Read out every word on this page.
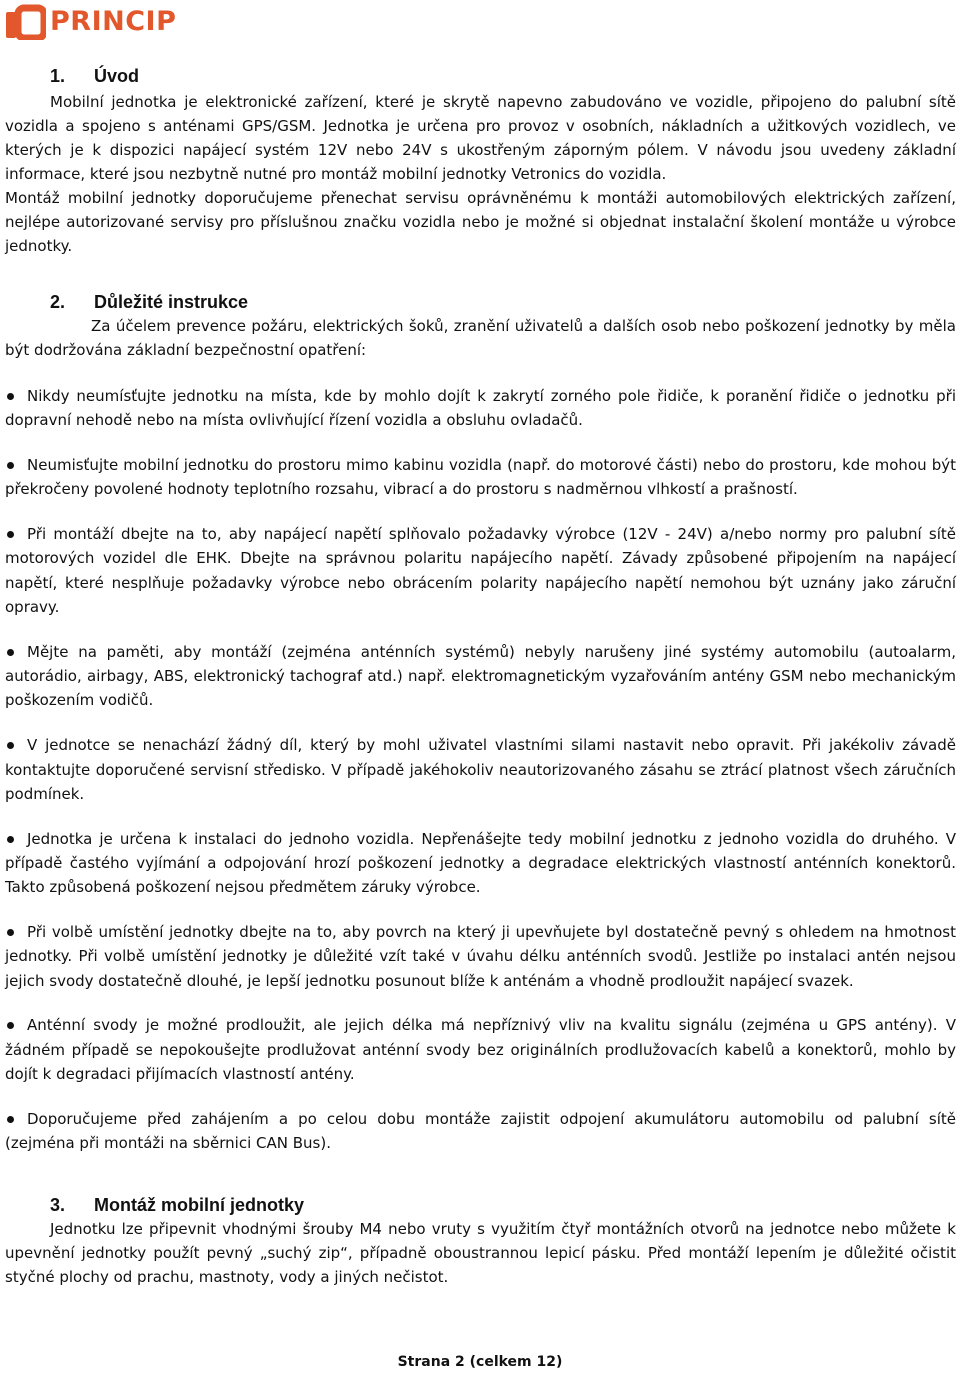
PRINCIP
1. Úvod

Mobilní jednotka je elektronické zařízení, které je skrytě napevno zabudováno ve vozidle, připojeno do palubní sítě vozidla a spojeno s anténami GPS/GSM. Jednotka je určena pro provoz v osobních, nákladních a užitkových vozidlech, ve kterých je k dispozici napájecí systém 12V nebo 24V s ukostřeným záporným pólem. V návodu jsou uvedeny základní informace, které jsou nezbytně nutné pro montáž mobilní jednotky Vetronics do vozidla.

Montáž mobilní jednotky doporučujeme přenechat servisu oprávněnému k montáži automobilových elektrických zařízení, nejlépe autorizované servisy pro příslušnou značku vozidla nebo je možné si objednat instalační školení montáže u výrobce jednotky.

2. Důležité instrukce

Za účelem prevence požáru, elektrických šoků, zranění uživatelů a dalších osob nebo poškození jednotky by měla být dodržována základní bezpečnostní opatření:

Nikdy neumísťujte jednotku na místa, kde by mohlo dojít k zakrytí zorného pole řidiče, k poranění řidiče o jednotku při dopravní nehodě nebo na místa ovlivňující řízení vozidla a obsluhu ovladačů.
Neumisťujte mobilní jednotku do prostoru mimo kabinu vozidla (např. do motorové části) nebo do prostoru, kde mohou být překročeny povolené hodnoty teplotního rozsahu, vibrací a do prostoru s nadměrnou vlhkostí a prašností.
Při montáží dbejte na to, aby napájecí napětí splňovalo požadavky výrobce (12V - 24V) a/nebo normy pro palubní sítě motorových vozidel dle EHK. Dbejte na správnou polaritu napájecího napětí. Závady způsobené připojením na napájecí napětí, které nesplňuje požadavky výrobce nebo obrácením polarity napájecího napětí nemohou být uznány jako záruční opravy.
Mějte na paměti, aby montáží (zejména anténních systémů) nebyly narušeny jiné systémy automobilu (autoalarm, autorádio, airbagy, ABS, elektronický tachograf atd.) např. elektromagnetickým vyzařováním antény GSM nebo mechanickým poškozením vodičů.
V jednotce se nenachází žádný díl, který by mohl uživatel vlastními silami nastavit nebo opravit. Při jakékoliv závadě kontaktujte doporučené servisní středisko. V případě jakéhokoliv neautorizovaného zásahu se ztrácí platnost všech záručních podmínek.
Jednotka je určena k instalaci do jednoho vozidla. Nepřenášejte tedy mobilní jednotku z jednoho vozidla do druhého. V případě častého vyjímání a odpojování hrozí poškození jednotky a degradace elektrických vlastností anténních konektorů. Takto způsobená poškození nejsou předmětem záruky výrobce.
Při volbě umístění jednotky dbejte na to, aby povrch na který ji upevňujete byl dostatečně pevný s ohledem na hmotnost jednotky. Při volbě umístění jednotky je důležité vzít také v úvahu délku anténních svodů. Jestliže po instalaci antén nejsou jejich svody dostatečně dlouhé, je lepší jednotku posunout blíže k anténám a vhodně prodloužit napájecí svazek.
Anténní svody je možné prodloužit, ale jejich délka má nepříznivý vliv na kvalitu signálu (zejména u GPS antény). V žádném případě se nepokoušejte prodlužovat anténní svody bez originálních prodlužovacích kabelů a konektorů, mohlo by dojít k degradaci přijímacích vlastností antény.
Doporučujeme před zahájením a po celou dobu montáže zajistit odpojení akumulátoru automobilu od palubní sítě (zejména při montáži na sběrnici CAN Bus).
3. Montáž mobilní jednotky

Jednotku lze připevnit vhodnými šrouby M4 nebo vruty s využitím čtyř montážních otvorů na jednotce nebo můžete k upevnění jednotky použít pevný „suchý zip“, případně oboustrannou lepicí pásku. Před montáží lepením je důležité očistit styčné plochy od prachu, mastnoty, vody a jiných nečistot.

Strana 2 (celkem 12)
